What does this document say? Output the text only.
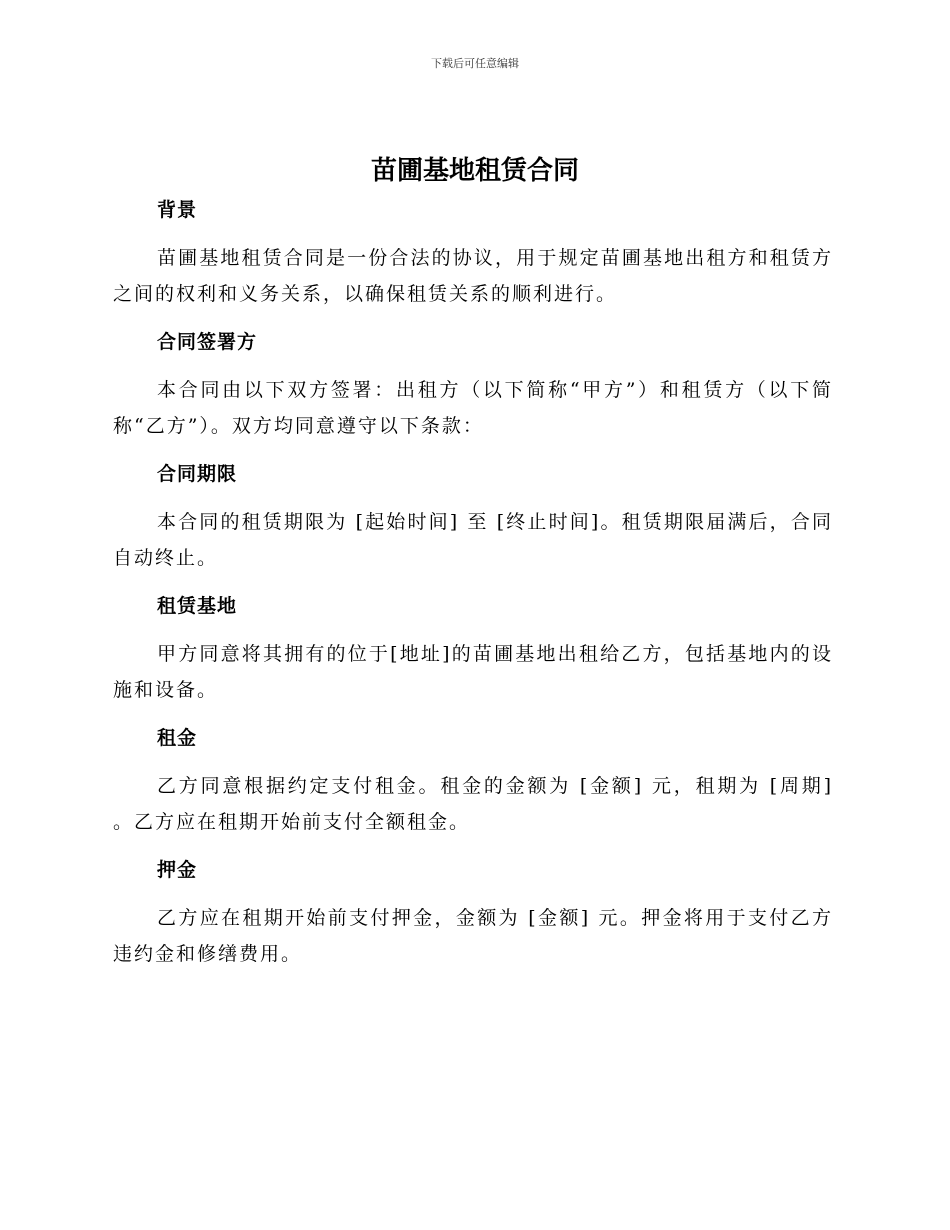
下载后可任意编辑
苗圃基地租赁合同
背景

苗圃基地租赁合同是一份合法的协议，用于规定苗圃基地出租方和租赁方之间的权利和义务关系，以确保租赁关系的顺利进行。

合同签署方

本合同由以下双方签署：出租方（以下简称“甲方”）和租赁方（以下简称“乙方”）。双方均同意遵守以下条款：

合同期限

本合同的租赁期限为 [起始时间] 至 [终止时间]。租赁期限届满后，合同自动终止。

租赁基地

甲方同意将其拥有的位于[地址]的苗圃基地出租给乙方，包括基地内的设施和设备。

租金

乙方同意根据约定支付租金。租金的金额为 [金额] 元，租期为 [周期] 。乙方应在租期开始前支付全额租金。

押金

乙方应在租期开始前支付押金，金额为 [金额] 元。押金将用于支付乙方违约金和修缮费用。
